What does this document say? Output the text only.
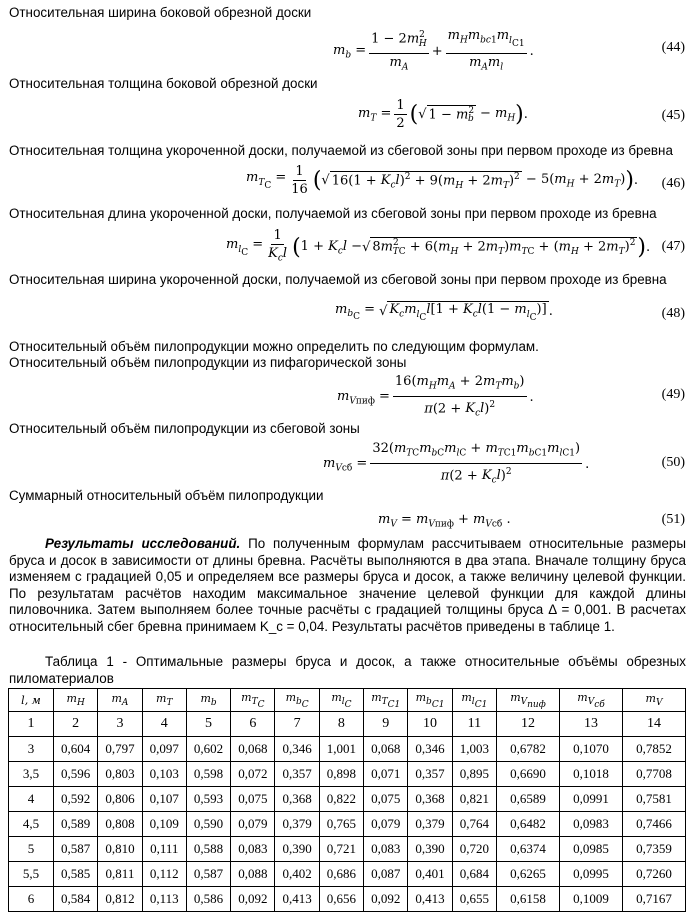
Относительная ширина боковой обрезной доски
$m_b = \frac{1 - 2m^2_H}{m_A} + \frac{m_Hm_{bc1}m_{l_{C1}}}{m_Am_l}$ .	(44)
Относительная толщина боковой обрезной доски
$m_T = \frac{1}{2}$ ( √ $1 - m^2_b - m_H$ ) .	(45)
Относительная толщина укороченной доски, получаемой из сбеговой зоны при первом проходе из бревна
$m_{T_C} = \frac{1}{16}$ ( √ $16(1 + K_cl)^2 + 9(m_H + 2m_T)^2 - 5(m_H + 2m_T)$ ) . (46)
Относительная длина укороченной доски, получаемой из сбеговой зоны при первом проходе из бревна
$m_{l_C} = \frac{1}{K_cl}$ ( $1 + K_cl$ − √ $8m^2_{TC} + 6(m_H + 2m_T)m_{TC} + (m_H + 2m_T)^2$ ) . (47)
Относительная ширина укороченной доски, получаемой из сбеговой зоны при первом проходе из бревна
$m_{b_C}$ = √ $K_cm_{l_C}l[1 + K_cl(1 - m_{l_C})]$ .	(48)
Относительный объём пилопродукции можно определить по следующим формулам.
Относительный объём пилопродукции из пифагорической зоны
$m_{Vпиф} = \frac{16(m_Hm_A + 2m_Tm_b)}{\pi(2 + K_cl)^2}$ .	(49)
Относительный объём пилопродукции из сбеговой зоны
$m_{Vсб} = \frac{32(m_{TC}m_{bC}m_{lC} + m_{TC1}m_{bC1}m_{lC1})}{\pi(2 + K_cl)^2}$ .	(50)
Суммарный относительный объём пилопродукции
$m_V = m_{Vпиф} + m_{Vсб}$ .	(51)
Результаты исследований. По полученным формулам рассчитываем относительные размеры бруса и досок в зависимости от длины бревна. Расчёты выполняются в два этапа. Вначале толщину бруса изменяем с градацией 0,05 и определяем все размеры бруса и досок, а также величину целевой функции. По результатам расчётов находим максимальное значение целевой функции для каждой длины пиловочника. Затем выполняем более точные расчёты с градацией толщины бруса Δ = 0,001. В расчетах относительный сбег бревна принимаем K_c = 0,04. Результаты расчётов приведены в таблице 1.
Таблица 1 - Оптимальные размеры бруса и досок, а также относительные объёмы обрезных пиломатериалов
l, м	$m_H$	$m_A$	$m_T$	$m_b$	$m_{T_C}$	$m_{b_C}$	$m_{l_C}$	$m_{T_{C1}}$	$m_{b_{C1}}$	$m_{l_{C1}}$	$m_{V_{пиф}}$	$m_{V_{сб}}$	$m_V$
1	2	3	4	5	6	7	8	9	10	11	12	13	14
3	0,604	0,797	0,097	0,602	0,068	0,346	1,001	0,068	0,346	1,003	0,6782	0,1070	0,7852
3,5	0,596	0,803	0,103	0,598	0,072	0,357	0,898	0,071	0,357	0,895	0,6690	0,1018	0,7708
4	0,592	0,806	0,107	0,593	0,075	0,368	0,822	0,075	0,368	0,821	0,6589	0,0991	0,7581
4,5	0,589	0,808	0,109	0,590	0,079	0,379	0,765	0,079	0,379	0,764	0,6482	0,0983	0,7466
5	0,587	0,810	0,111	0,588	0,083	0,390	0,721	0,083	0,390	0,720	0,6374	0,0985	0,7359
5,5	0,585	0,811	0,112	0,587	0,088	0,402	0,686	0,087	0,401	0,684	0,6265	0,0995	0,7260
6	0,584	0,812	0,113	0,586	0,092	0,413	0,656	0,092	0,413	0,655	0,6158	0,1009	0,7167
